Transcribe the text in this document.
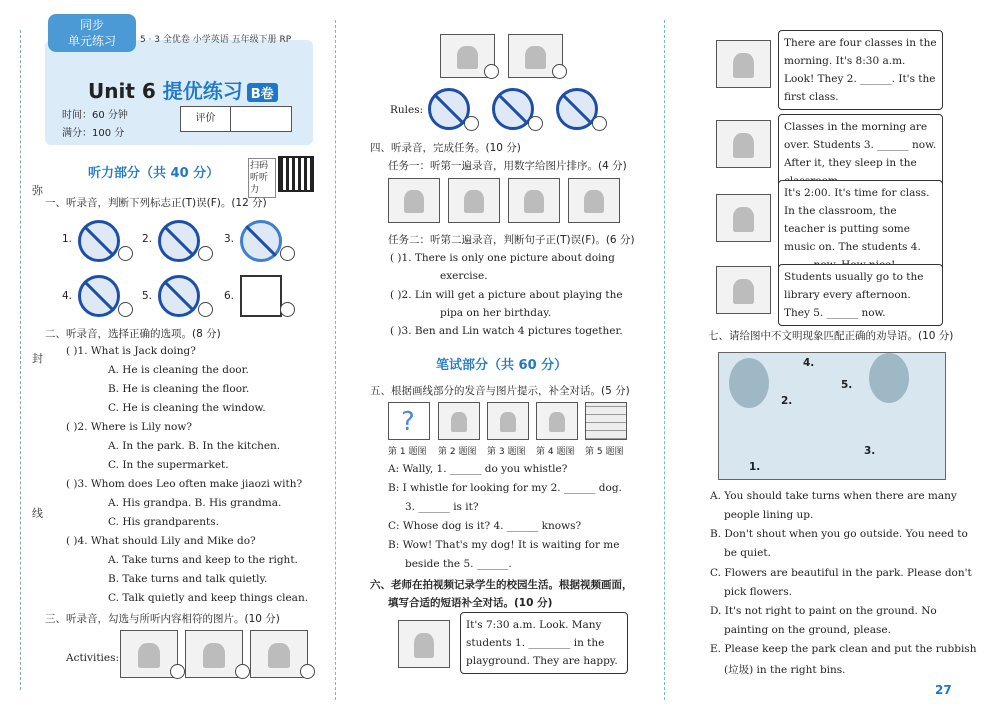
弥
封
线
同步
单元练习	5 · 3 全优卷 小学英语 五年级下册 RP
Unit 6 提优练习 B卷
时间：60 分钟
满分：100 分
评价
听力部分（共 40 分）	扫码听听力
一、听录音，判断下列标志正(T)误(F)。(12 分)
1.	2.	3.
4.	5.	6.
二、听录音，选择正确的选项。(8 分)
( )1. What is Jack doing?
A. He is cleaning the door.
B. He is cleaning the floor.
C. He is cleaning the window.
( )2. Where is Lily now?
A. In the park. B. In the kitchen.
C. In the supermarket.
( )3. Whom does Leo often make jiaozi with?
A. His grandpa. B. His grandma.
C. His grandparents.
( )4. What should Lily and Mike do?
A. Take turns and keep to the right.
B. Take turns and talk quietly.
C. Talk quietly and keep things clean.
三、听录音，勾选与所听内容相符的图片。(10 分)
Activities:
Rules:
四、听录音，完成任务。(10 分)
任务一：听第一遍录音，用数字给图片排序。(4 分)
任务二：听第二遍录音，判断句子正(T)误(F)。(6 分)
( )1. There is only one picture about doing
exercise.
( )2. Lin will get a picture about playing the
pipa on her birthday.
( )3. Ben and Lin watch 4 pictures together.
笔试部分（共 60 分）
五、根据画线部分的发音与图片提示，补全对话。(5 分)
?
第 1 题图 第 2 题图 第 3 题图 第 4 题图 第 5 题图
A: Wally, 1. ______ do you whistle?
B: I whistle for looking for my 2. ______ dog.
3. ______ is it?
C: Whose dog is it? 4. ______ knows?
B: Wow! That's my dog! It is waiting for me
beside the 5. ______.
六、老师在拍视频记录学生的校园生活。根据视频画面，
填写合适的短语补全对话。(10 分)
It's 7:30 a.m. Look. Many students 1. ________ in the playground. They are happy.
There are four classes in the morning. It's 8:30 a.m. Look! They 2. ______. It's the first class.
Classes in the morning are over. Students 3. ______ now. After it, they sleep in the
It's 2:00. It's time for class. In the classroom, the teacher is putting some music on. The students 4.
Students usually go to the library every afternoon. They 5. ______ now.
七、请给图中不文明现象匹配正确的劝导语。(10 分)
1.
2.
3.
4.
5.
A. You should take turns when there are many
people lining up.
B. Don't shout when you go outside. You need to
be quiet.
C. Flowers are beautiful in the park. Please don't
pick flowers.
D. It's not right to paint on the ground. No
painting on the ground, please.
E. Please keep the park clean and put the rubbish
(垃圾) in the right bins.
27
